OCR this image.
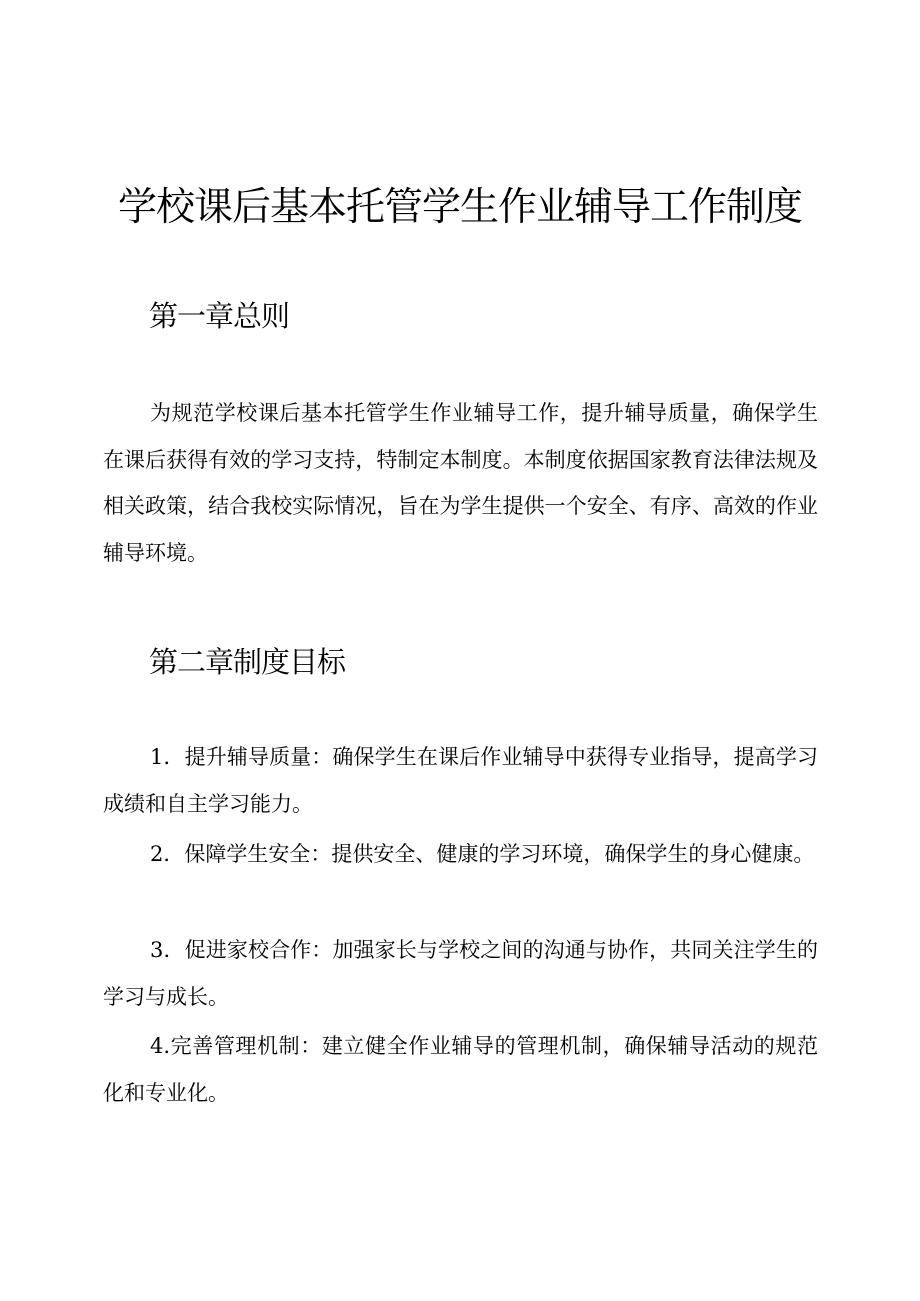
学校课后基本托管学生作业辅导工作制度
第一章总则

为规范学校课后基本托管学生作业辅导工作，提升辅导质量，确保学生在课后获得有效的学习支持，特制定本制度。本制度依据国家教育法律法规及相关政策，结合我校实际情况，旨在为学生提供一个安全、有序、高效的作业辅导环境。

第二章制度目标

1．提升辅导质量：确保学生在课后作业辅导中获得专业指导，提高学习成绩和自主学习能力。

2．保障学生安全：提供安全、健康的学习环境，确保学生的身心健康。

3．促进家校合作：加强家长与学校之间的沟通与协作，共同关注学生的学习与成长。

4.完善管理机制：建立健全作业辅导的管理机制，确保辅导活动的规范化和专业化。
